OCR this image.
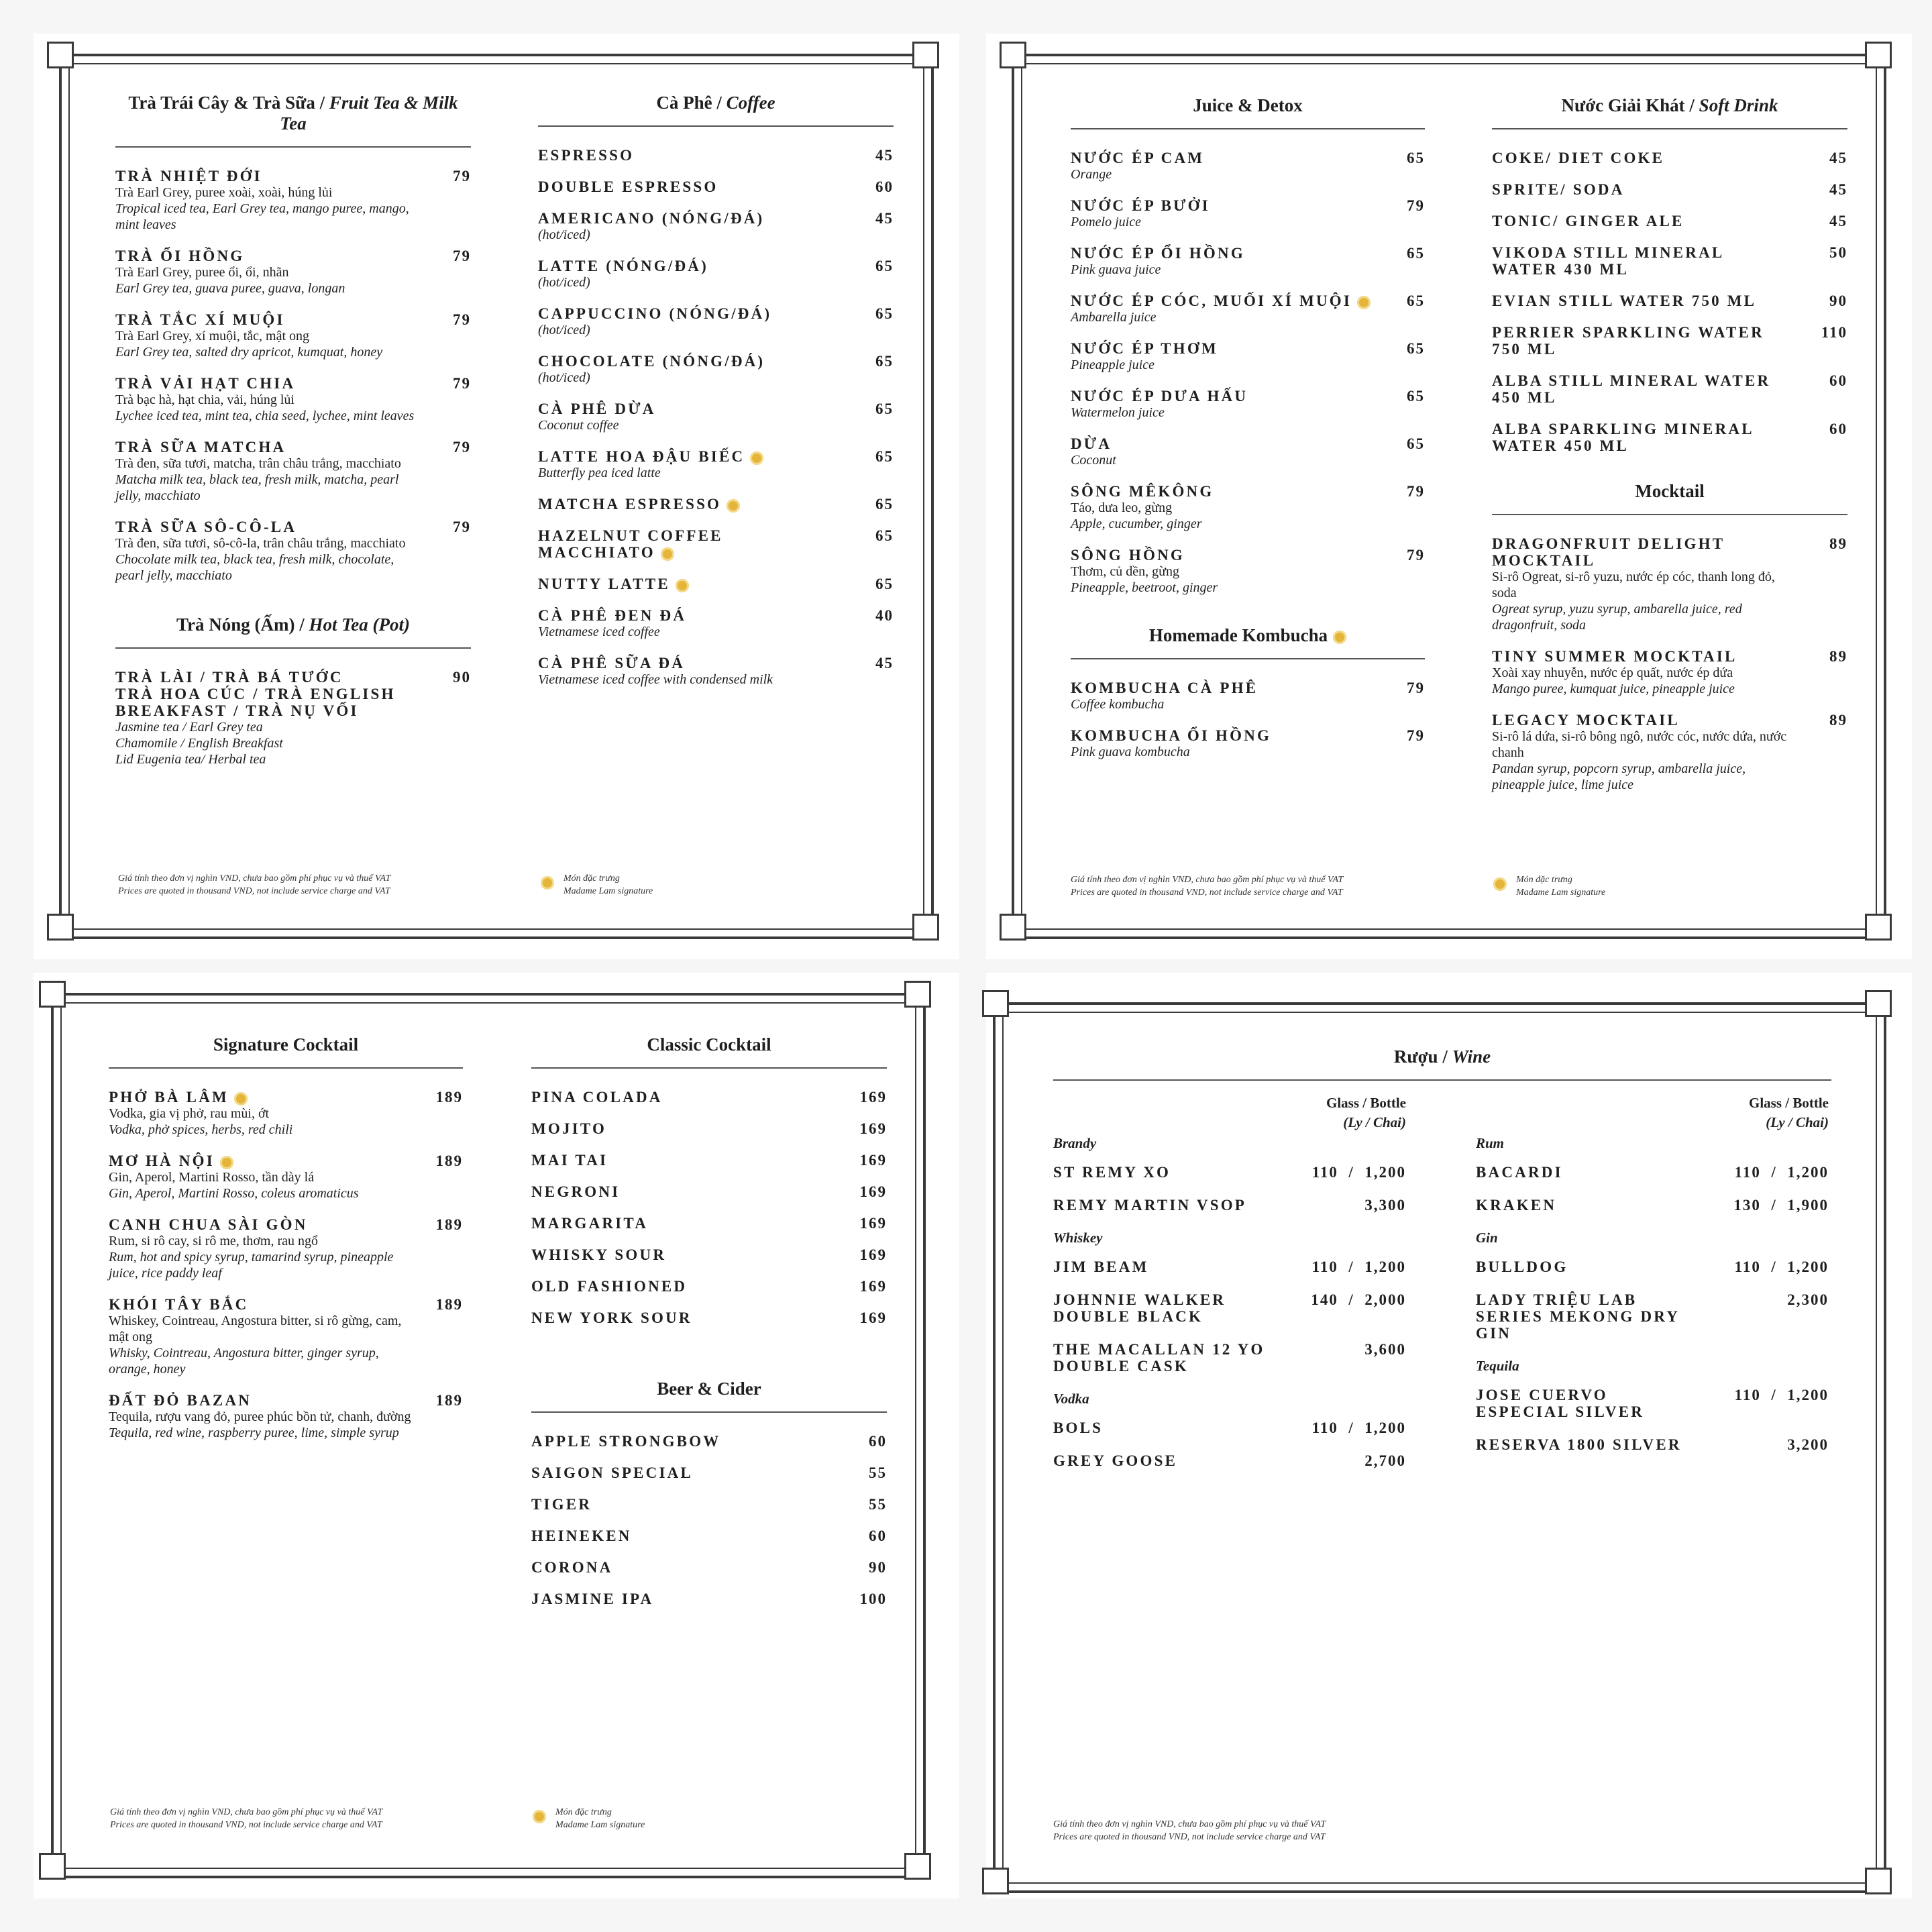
Trà Trái Cây & Trà Sữa / Fruit Tea & Milk Tea
TRÀ NHIỆT ĐỚI	79
Trà Earl Grey, puree xoài, xoài, húng lủi
Tropical iced tea, Earl Grey tea, mango puree, mango, mint leaves
TRÀ ỔI HỒNG	79
Trà Earl Grey, puree ổi, ổi, nhãn
Earl Grey tea, guava puree, guava, longan
TRÀ TẮC XÍ MUỘI	79
Trà Earl Grey, xí muội, tắc, mật ong
Earl Grey tea, salted dry apricot, kumquat, honey
TRÀ VẢI HẠT CHIA	79
Trà bạc hà, hạt chia, vải, húng lủi
Lychee iced tea, mint tea, chia seed, lychee, mint leaves
TRÀ SỮA MATCHA	79
Trà đen, sữa tươi, matcha, trân châu trắng, macchiato
Matcha milk tea, black tea, fresh milk, matcha, pearl jelly, macchiato
TRÀ SỮA SÔ-CÔ-LA	79
Trà đen, sữa tươi, sô-cô-la, trân châu trắng, macchiato
Chocolate milk tea, black tea, fresh milk, chocolate, pearl jelly, macchiato
Trà Nóng (Ấm) / Hot Tea (Pot)
TRÀ LÀI / TRÀ BÁ TƯỚC
TRÀ HOA CÚC / TRÀ ENGLISH BREAKFAST / TRÀ NỤ VỐI
90
Jasmine tea / Earl Grey tea
Chamomile / English Breakfast
Lid Eugenia tea/ Herbal tea
Cà Phê / Coffee
ESPRESSO	45
DOUBLE ESPRESSO	60
AMERICANO (NÓNG/ĐÁ)	45
(hot/iced)
LATTE (NÓNG/ĐÁ)	65
(hot/iced)
CAPPUCCINO (NÓNG/ĐÁ)	65
(hot/iced)
CHOCOLATE (NÓNG/ĐÁ)	65
(hot/iced)
CÀ PHÊ DỪA	65
Coconut coffee
LATTE HOA ĐẬU BIẾC	65
Butterfly pea iced latte
MATCHA ESPRESSO	65
HAZELNUT COFFEE MACCHIATO
65
NUTTY LATTE	65
CÀ PHÊ ĐEN ĐÁ	40
Vietnamese iced coffee
CÀ PHÊ SỮA ĐÁ	45
Vietnamese iced coffee with condensed milk
Giá tính theo đơn vị nghìn VND, chưa bao gồm phí phục vụ và thuế VAT
Prices are quoted in thousand VND, not include service charge and VAT
Món đặc trưng
Madame Lam signature
Juice & Detox
NƯỚC ÉP CAM	65
Orange
NƯỚC ÉP BƯỞI	79
Pomelo juice
NƯỚC ÉP ỔI HỒNG	65
Pink guava juice
NƯỚC ÉP CÓC, MUỐI XÍ MUỘI	65
Ambarella juice
NƯỚC ÉP THƠM	65
Pineapple juice
NƯỚC ÉP DƯA HẤU	65
Watermelon juice
DỪA	65
Coconut
SÔNG MÊKÔNG	79
Táo, dưa leo, gừng
Apple, cucumber, ginger
SÔNG HỒNG	79
Thơm, củ dền, gừng
Pineapple, beetroot, ginger
Homemade Kombucha
KOMBUCHA CÀ PHÊ	79
Coffee kombucha
KOMBUCHA ỔI HỒNG	79
Pink guava kombucha
Nước Giải Khát / Soft Drink
COKE/ DIET COKE	45
SPRITE/ SODA	45
TONIC/ GINGER ALE	45
VIKODA STILL MINERAL WATER 430 ML
50
EVIAN STILL WATER 750 ML	90
PERRIER SPARKLING WATER 750 ML
110
ALBA STILL MINERAL WATER 450 ML
60
ALBA SPARKLING MINERAL WATER 450 ML
60
Mocktail
DRAGONFRUIT DELIGHT MOCKTAIL
89
Si-rô Ogreat, si-rô yuzu, nước ép cóc, thanh long đỏ, soda
Ogreat syrup, yuzu syrup, ambarella juice, red dragonfruit, soda
TINY SUMMER MOCKTAIL	89
Xoài xay nhuyễn, nước ép quất, nước ép dứa
Mango puree, kumquat juice, pineapple juice
LEGACY MOCKTAIL	89
Si-rô lá dứa, si-rô bông ngô, nước cóc, nước dứa, nước chanh
Pandan syrup, popcorn syrup, ambarella juice, pineapple juice, lime juice
Giá tính theo đơn vị nghìn VND, chưa bao gồm phí phục vụ và thuế VAT
Prices are quoted in thousand VND, not include service charge and VAT
Món đặc trưng
Madame Lam signature
Signature Cocktail
PHỞ BÀ LÂM	189
Vodka, gia vị phở, rau mùi, ớt
Vodka, phở spices, herbs, red chili
MƠ HÀ NỘI	189
Gin, Aperol, Martini Rosso, tần dày lá
Gin, Aperol, Martini Rosso, coleus aromaticus
CANH CHUA SÀI GÒN	189
Rum, si rô cay, si rô me, thơm, rau ngổ
Rum, hot and spicy syrup, tamarind syrup, pineapple juice, rice paddy leaf
KHÓI TÂY BẮC	189
Whiskey, Cointreau, Angostura bitter, si rô gừng, cam, mật ong
Whisky, Cointreau, Angostura bitter, ginger syrup, orange, honey
ĐẤT ĐỎ BAZAN	189
Tequila, rượu vang đỏ, puree phúc bồn tử, chanh, đường
Tequila, red wine, raspberry puree, lime, simple syrup
Classic Cocktail
PINA COLADA	169
MOJITO	169
MAI TAI	169
NEGRONI	169
MARGARITA	169
WHISKY SOUR	169
OLD FASHIONED	169
NEW YORK SOUR	169
Beer & Cider
APPLE STRONGBOW	60
SAIGON SPECIAL	55
TIGER	55
HEINEKEN	60
CORONA	90
JASMINE IPA	100
Giá tính theo đơn vị nghìn VND, chưa bao gồm phí phục vụ và thuế VAT
Prices are quoted in thousand VND, not include service charge and VAT
Món đặc trưng
Madame Lam signature
Rượu / Wine
Glass / Bottle
(Ly / Chai)
Brandy
ST REMY XO	110  /  1,200
REMY MARTIN VSOP	3,300
Whiskey
JIM BEAM	110  /  1,200
JOHNNIE WALKER DOUBLE BLACK
140  /  2,000
THE MACALLAN 12 YO DOUBLE CASK
3,600
Vodka
BOLS	110  /  1,200
GREY GOOSE	2,700
Glass / Bottle
(Ly / Chai)
Rum
BACARDI	110  /  1,200
KRAKEN	130  /  1,900
Gin
BULLDOG	110  /  1,200
LADY TRIỆU LAB SERIES MEKONG DRY GIN
2,300
Tequila
JOSE CUERVO ESPECIAL SILVER
110  /  1,200
RESERVA 1800 SILVER	3,200
Giá tính theo đơn vị nghìn VND, chưa bao gồm phí phục vụ và thuế VAT
Prices are quoted in thousand VND, not include service charge and VAT
